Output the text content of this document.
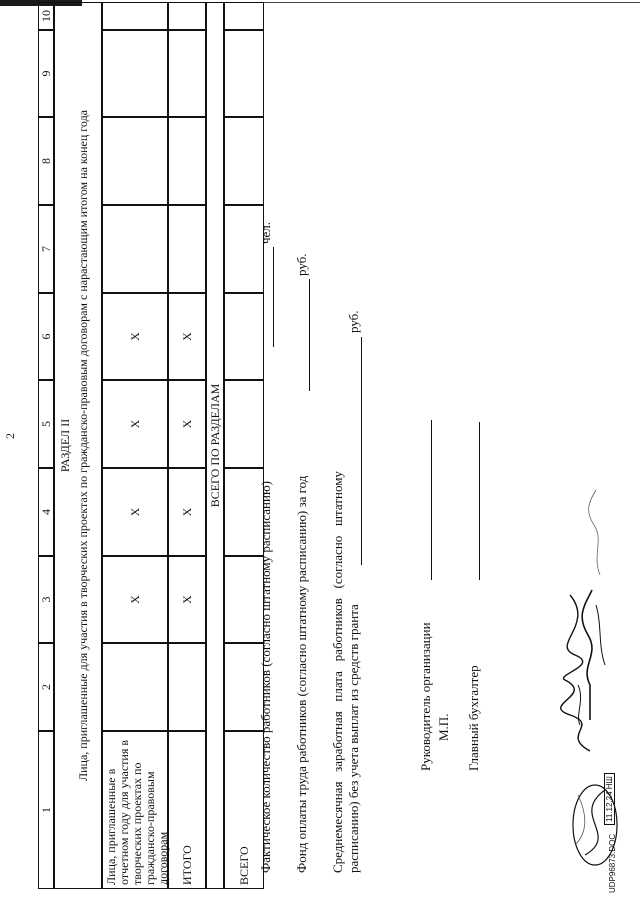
2
1
2
3
4
5
6
7
8
9
10
РАЗДЕЛ II Лица, приглашенные для участия в творческих проектах по гражданско-правовым договорам с нарастающим итогом на конец года
Лица, приглашенные в отчетном году для участия в творческих проектах по гражданско-правовым договорам
Х
Х
Х
Х
ИТОГО
Х
Х
Х
Х
ВСЕГО ПО РАЗДЕЛАМ
ВСЕГО Фактическое количество работников (согласно штатному расписанию)
чел.
Фонд оплаты труда работников (согласно штатному расписанию) за год
руб.
Среднемесячная   заработная   плата   работников   (согласно   штатному расписанию) без учета выплат из средств гранта
руб.
Руководитель организации М.П. Главный бухгалтер
UDP96873.DOC
11.12.24 НШ
